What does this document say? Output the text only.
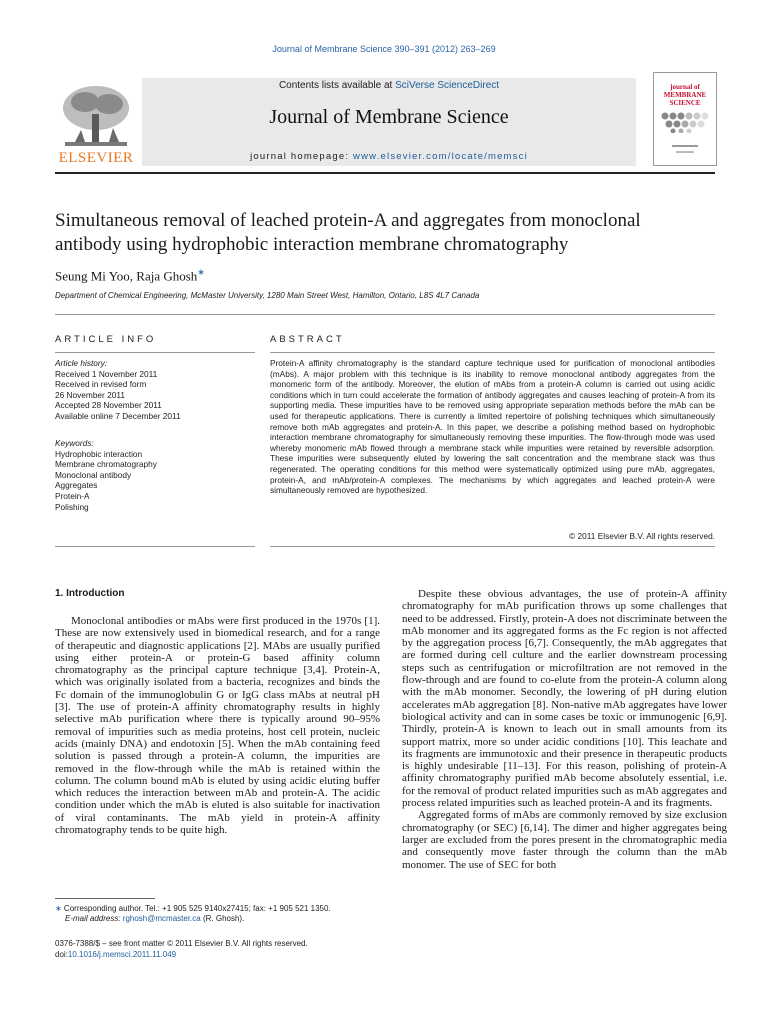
Journal of Membrane Science 390–391 (2012) 263–269
ELSEVIER
Contents lists available at SciVerse ScienceDirect
Journal of Membrane Science
journal homepage: www.elsevier.com/locate/memsci
journal of
MEMBRANE
SCIENCE
Simultaneous removal of leached protein-A and aggregates from monoclonal
antibody using hydrophobic interaction membrane chromatography
Seung Mi Yoo, Raja Ghosh∗
Department of Chemical Engineering, McMaster University, 1280 Main Street West, Hamilton, Ontario, L8S 4L7 Canada
ARTICLE INFO	ABSTRACT
Article history:
Received 1 November 2011
Received in revised form
26 November 2011
Accepted 28 November 2011
Available online 7 December 2011
Keywords:
Hydrophobic interaction
Membrane chromatography
Monoclonal antibody
Aggregates
Protein-A
Polishing
Protein-A affinity chromatography is the standard capture technique used for purification of monoclonal antibodies (mAbs). A major problem with this technique is its inability to remove monoclonal antibody aggregates from the monomeric form of the antibody. Moreover, the elution of mAbs from a protein-A column is carried out using acidic conditions which in turn could accelerate the formation of antibody aggregates and causes leaching of protein-A from its supporting media. These impurities have to be removed using appropriate separation methods before the mAb can be used for therapeutic applications. There is currently a limited repertoire of polishing techniques which simultaneously remove both mAb aggregates and protein-A. In this paper, we describe a polishing method based on hydrophobic interaction membrane chromatography for simultaneously removing these impurities. The flow-through mode was used whereby monomeric mAb flowed through a membrane stack while impurities were retained by reversible adsorption. These impurities were subsequently eluted by lowering the salt concentration and the membrane stack was thus regenerated. The operating conditions for this method were systematically optimized using pure mAb, aggregates, protein-A, and mAb/protein-A complexes. The mechanisms by which aggregates and leached protein-A were simultaneously removed are hypothesized.
© 2011 Elsevier B.V. All rights reserved.
1. Introduction

Monoclonal antibodies or mAbs were first produced in the 1970s [1]. These are now extensively used in biomedical research, and for a range of therapeutic and diagnostic applications [2]. MAbs are usually purified using either protein-A or protein-G based affinity column chromatography as the principal capture technique [3,4]. Protein-A, which was originally isolated from a bacteria, recognizes and binds the Fc domain of the immunoglobulin G or IgG class mAbs at neutral pH [3]. The use of protein-A affinity chromatography results in highly selective mAb purification where there is typically around 90–95% removal of impurities such as media proteins, host cell protein, nucleic acids (mainly DNA) and endotoxin [5]. When the mAb containing feed solution is passed through a protein-A column, the impurities are removed in the flow-through while the mAb is retained within the column. The column bound mAb is eluted by using acidic eluting buffer which reduces the interaction between mAb and protein-A. The acidic condition under which the mAb is eluted is also suitable for inactivation of viral contaminants. The mAb yield in protein-A affinity chromatography tends to be quite high.

Despite these obvious advantages, the use of protein-A affinity chromatography for mAb purification throws up some challenges that need to be addressed. Firstly, protein-A does not discriminate between the mAb monomer and its aggregated forms as the Fc region is not affected by the aggregation process [6,7]. Consequently, the mAb aggregates that are formed during cell culture and the earlier downstream processing steps such as centrifugation or microfiltration are not removed in the flow-through and are found to co-elute from the protein-A column along with the mAb monomer. Secondly, the lowering of pH during elution accelerates mAb aggregation [8]. Non-native mAb aggregates have lower biological activity and can in some cases be toxic or immunogenic [6,9]. Thirdly, protein-A is known to leach out in small amounts from its support matrix, more so under acidic conditions [10]. This leachate and its fragments are immunotoxic and their presence in therapeutic products is highly undesirable [11–13]. For this reason, polishing of protein-A affinity chromatography purified mAb become absolutely essential, i.e. for the removal of product related impurities such as mAb aggregates and process related impurities such as leached protein-A and its fragments.

Aggregated forms of mAbs are commonly removed by size exclusion chromatography (or SEC) [6,14]. The dimer and higher aggregates being larger are excluded from the pores present in the chromatographic media and consequently move faster through the column than the mAb monomer. The use of SEC for both

∗ Corresponding author. Tel.: +1 905 525 9140x27415; fax: +1 905 521 1350.
E-mail address: rghosh@mcmaster.ca (R. Ghosh).
0376-7388/$ – see front matter © 2011 Elsevier B.V. All rights reserved.
doi:10.1016/j.memsci.2011.11.049
